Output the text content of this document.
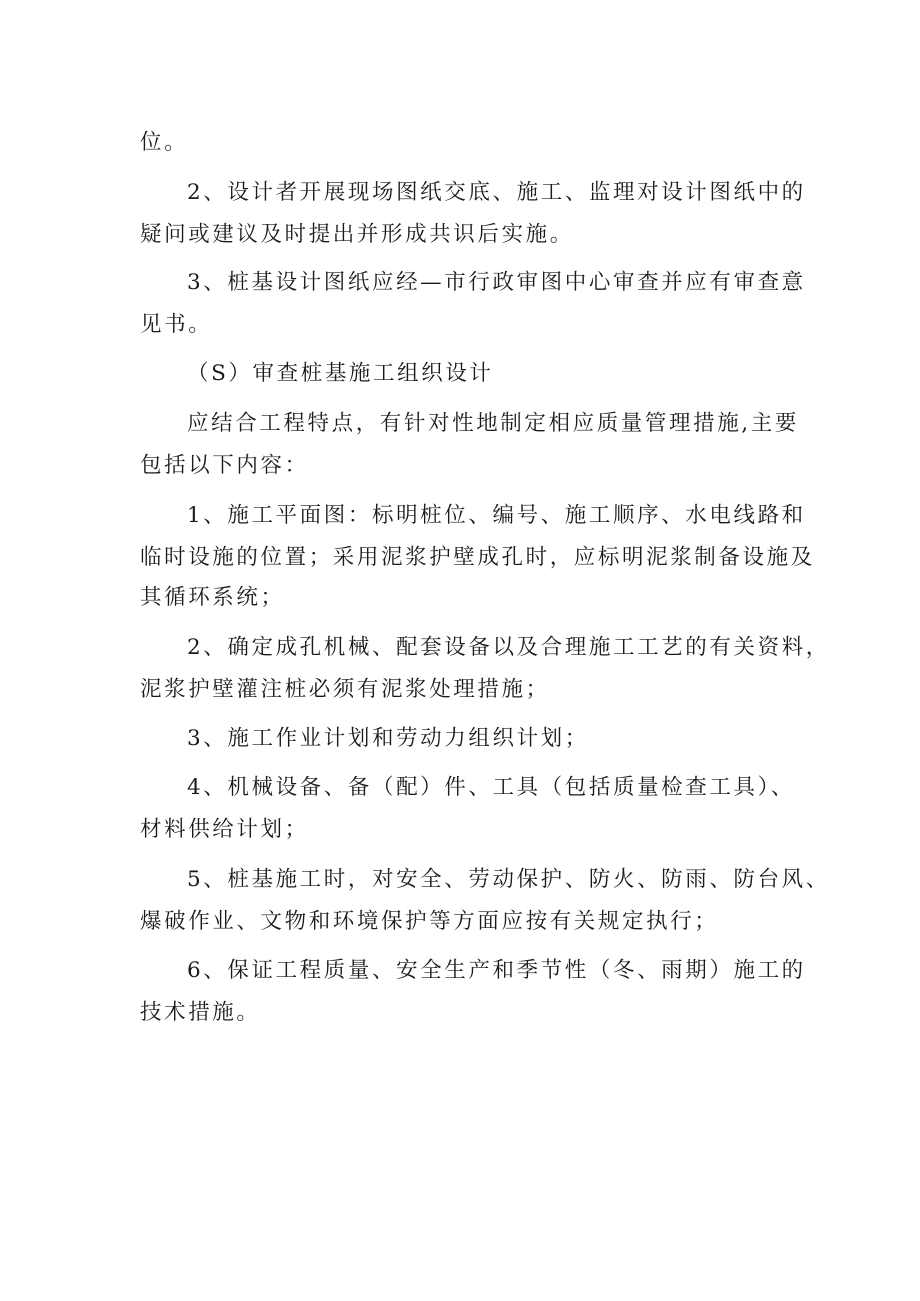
位。
2、设计者开展现场图纸交底、施工、监理对设计图纸中的
疑问或建议及时提出并形成共识后实施。
3、桩基设计图纸应经—市行政审图中心审查并应有审查意
见书。
（S）审查桩基施工组织设计
应结合工程特点，有针对性地制定相应质量管理措施,主要
包括以下内容：
1、施工平面图：标明桩位、编号、施工顺序、水电线路和
临时设施的位置；采用泥浆护壁成孔时，应标明泥浆制备设施及
其循环系统；
2、确定成孔机械、配套设备以及合理施工工艺的有关资料，
泥浆护壁灌注桩必须有泥浆处理措施；
3、施工作业计划和劳动力组织计划；
4、机械设备、备（配）件、工具（包括质量检查工具）、
材料供给计划；
5、桩基施工时，对安全、劳动保护、防火、防雨、防台风、
爆破作业、文物和环境保护等方面应按有关规定执行；
6、保证工程质量、安全生产和季节性（冬、雨期）施工的
技术措施。
